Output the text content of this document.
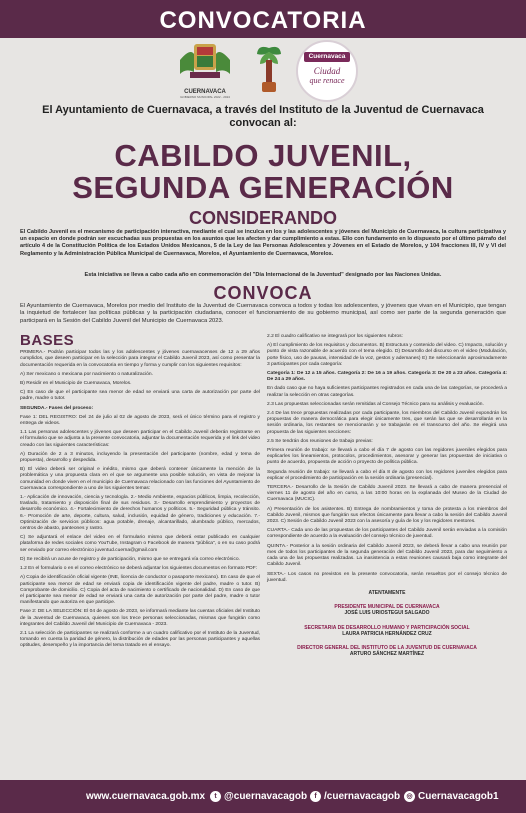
CONVOCATORIA
CUERNAVACA
GOBIERNO MUNICIPAL 2022 - 2024
Cuernavaca
Ciudad
que renace
El Ayuntamiento de Cuernavaca, a través del Instituto de la Juventud de Cuernavaca convocan al:
CABILDO JUVENIL,
SEGUNDA GENERACIÓN
CONSIDERANDO
El Cabildo Juvenil es el mecanismo de participación interactiva, mediante el cual se inculca en los y las adolescentes y jóvenes del Municipio de Cuernavaca, la cultura participativa y un espacio en donde podrán ser escuchadas sus propuestas en los asuntos que les afecten y dar cumplimiento a estas. Ello con fundamento en lo dispuesto por el último párrafo del artículo 4 de la Constitución Política de los Estados Unidos Mexicanos, 5 de la Ley de las Personas Adolescentes y Jóvenes en el Estado de Morelos, y 104 fracciones III, IV y VI del Reglamento y la Administración Pública Municipal de Cuernavaca, Morelos, el Ayuntamiento de Cuernavaca, Morelos.
Esta iniciativa se lleva a cabo cada año en conmemoración del "Día Internacional de la Juventud" designado por las Naciones Unidas.
CONVOCA
El Ayuntamiento de Cuernavaca, Morelos por medio del Instituto de la Juventud de Cuernavaca convoca a todos y todas los adolescentes, y jóvenes que vivan en el Municipio, que tengan la inquietud de fortalecer las políticas públicas y la participación ciudadana, conocer el funcionamiento de su gobierno municipal, así como ser parte de la segunda generación que participará en la Sesión del Cabildo Juvenil del Municipio de Cuernavaca 2023.
BASES

PRIMERA.- Podrán participar todos las y los adolescentes y jóvenes cuernavacenses de 12 a 29 años cumplidos, que deseen participar en la selección para integrar el Cabildo Juvenil 2023, así como presentar la documentación requerida en la convocatoria en tiempo y forma y cumplir con los siguientes requisitos:

A) Ser mexicano o mexicana por nacimiento o naturalización.

B) Residir en el Municipio de Cuernavaca, Morelos.

C) En caso de que el participante sea menor de edad se enviará una carta de autorización por parte del padre, madre o tutor.

SEGUNDA.- Fases del proceso:

Fase 1: DEL REGISTRO: Del 24 de julio al 02 de agosto de 2023, será el único término para el registro y entrega de videos.

1.1 Las personas adolescentes y jóvenes que deseen participar en el Cabildo Juvenil deberán registrarse en el formulario que se adjunta a la presente convocatoria, adjuntar la documentación requerida y el link del video creado con las siguientes características:

A) Duración de 2 a 3 minutos, incluyendo la presentación del participante (nombre, edad y tema de propuesta), desarrollo y despedida.

B) El video deberá ser original e inédito, mismo que deberá contener únicamente la mención de la problemática y una propuesta clara en el que se argumente una posible solución, en vista de mejorar la comunidad en donde viven en el municipio de Cuernavaca relacionado con las funciones del Ayuntamiento de Cuernavaca correspondiente a uno de los siguientes temas:

1.- Aplicación de innovación, ciencia y tecnología. 2.- Medio Ambiente, espacios públicos, limpia, recolección, traslado, tratamiento y disposición final de sus residuos. 3.- Desarrollo emprendimiento y proyectos de desarrollo económico. 4.- Fortalecimiento de derechos humanos y políticos. 5.- Seguridad pública y tránsito. 6.- Promoción de arte, deporte, cultura, salud, inclusión, equidad de género, tradiciones y educación. 7.- Optimización de servicios públicos: agua potable, drenaje, alcantarillado, alumbrado público, mercados, centros de abasto, panteones y rastro.

C) Se adjuntará el enlace del video en el formulario mismo que deberá estar publicado en cualquier plataforma de redes sociales como YouTube, Instagram o Facebook de manera "pública", o en su caso podrá ser enviado por correo electrónico juventud.cuerna@gmail.com

D) Se recibirá un acuse de registro y de participación, mismo que se entregará vía correo electrónico.

1.2 En el formulario o en el correo electrónico se deberá adjuntar los siguientes documentos en formato PDF:

A) Copia de identificación oficial vigente (INE, licencia de conductor o pasaporte mexicano). En caso de que el participante sea menor de edad se enviará copia de identificación vigente del padre, madre o tutor. B) Comprobante de domicilio. C) Copia del acta de nacimiento o certificado de nacionalidad. D) En caso de que el participante sea menor de edad se enviará una carta de autorización por parte del padre, madre o tutor manifestando que autoriza en que participe.

Fase 2: DE LA SELECCIÓN: El 04 de agosto de 2023, se informará mediante las cuentas oficiales del Instituto de la Juventud de Cuernavaca, quienes son los trece personas seleccionadas, mismas que fungirán como integrantes del Cabildo Juvenil del Municipio de Cuernavaca - 2023.

2.1 La selección de participantes se realizará conforme a un cuadro calificativo por el Instituto de la Juventud, tomando en cuenta la paridad de género, la distribución de edades por las personas participantes y aquellas optitudes, desempeño y la importancia del tema tratado en el ensayo.

2.2 El cuadro calificativo se integrará por los siguientes rubros:

A) El cumplimiento de los requisitos y documentos. B) Estructura y contenido del video. C) Impacto, solución y punto de vista razonable de acuerdo con el tema elegido. D) Desarrollo del discurso en el video (Modulación, porte físico, uso de pausas, intensidad de la voz, gestos y ademanes) E) Se seleccionarán aproximadamente 3 participantes por cada categoría:

Categoría 1: De 12 a 15 años. Categoría 2: De 16 a 19 años. Categoría 3: De 20 a 23 años. Categoría 4: De 24 a 29 años.

En dado caso que no haya suficientes participantes registrados en cada una de las categorías, se procederá a realizar la selección en otras categorías.

2.3 Las propuestas seleccionadas serán remitidas al Consejo Técnico para su análisis y evaluación.

2.4 De las trece propuestas realizadas por cada participante, los miembros del Cabildo Juvenil expondrán los propuestas de manera democrática para elegir únicamente tres, que serán las que se desarrollarán en la sesión ordinaria, los restantes se mencionarán y se trabajarán en el transcurso del año. Se elegirá una propuesta de las siguientes secciones:

2.5 Se tendrán dos reuniones de trabajo previas:

Primera reunión de trabajo: se llevará a cabo el día 7 de agosto con las regidores juveniles elegidos para explicarles los lineamientos, protocolos, procedimientos, asesorar y generar las propuestas de iniciativa o punto de acuerdo, propuesta de acción o proyecto de política pública.

Segunda reunión de trabajo: se llevará a cabo el día 8 de agosto con los regidores juveniles elegidos para explicar el procedimiento de participación en la sesión ordinaria (presencial).

TERCERA.- Desarrollo de la Sesión de Cabildo Juvenil 2023. Se llevará a cabo de manera presencial el viernes 11 de agosto del año en curso, a las 10:00 horas en la explanada del Museo de la Ciudad de Cuernavaca (MUCIC).

A) Presentación de los asistentes. B) Entrega de nombramientos y toma de protesta a los miembros del Cabildo Juvenil, mismos que fungirán sus efectos únicamente para llevar a cabo la sesión del Cabildo Juvenil 2023. C) Sesión de Cabildo Juvenil 2023 con la asesoría y guía de los y los regidores mentores.

CUARTA.- Cada uno de las propuestas de los participantes del Cabildo Juvenil serán enviadas a la comisión correspondiente de acuerdo a la evaluación del consejo técnico de juventud.

QUINTA.- Posterior a la sesión ordinaria del Cabildo Juvenil 2023, se deberá llevar a cabo una reunión por mes de todos los participantes de la segunda generación del Cabildo Juvenil 2023, para dar seguimiento a cada una de las propuestas realizadas. La inasistencia a estas reuniones causará baja como integrante del Cabildo Juvenil.

SEXTA.- Los casos no previstos en la presente convocatoria, serán resueltos por el consejo técnico de juventud.

ATENTAMENTE

PRESIDENTE MUNICIPAL DE CUERNAVACA

JOSÉ LUIS URIOSTEGUI SALGADO

SECRETARIA DE DESARROLLO HUMANO Y PARTICIPACIÓN SOCIAL

LAURA PATRICIA HERNÁNDEZ CRUZ

DIRECTOR GENERAL DEL INSTITUTO DE LA JUVENTUD DE CUERNAVACA

ARTURO SÁNCHEZ MARTÍNEZ

www.cuernavaca.gob.mx	t @cuernavacagob	f /cuernavacagob ◎ Cuernavacagob1
